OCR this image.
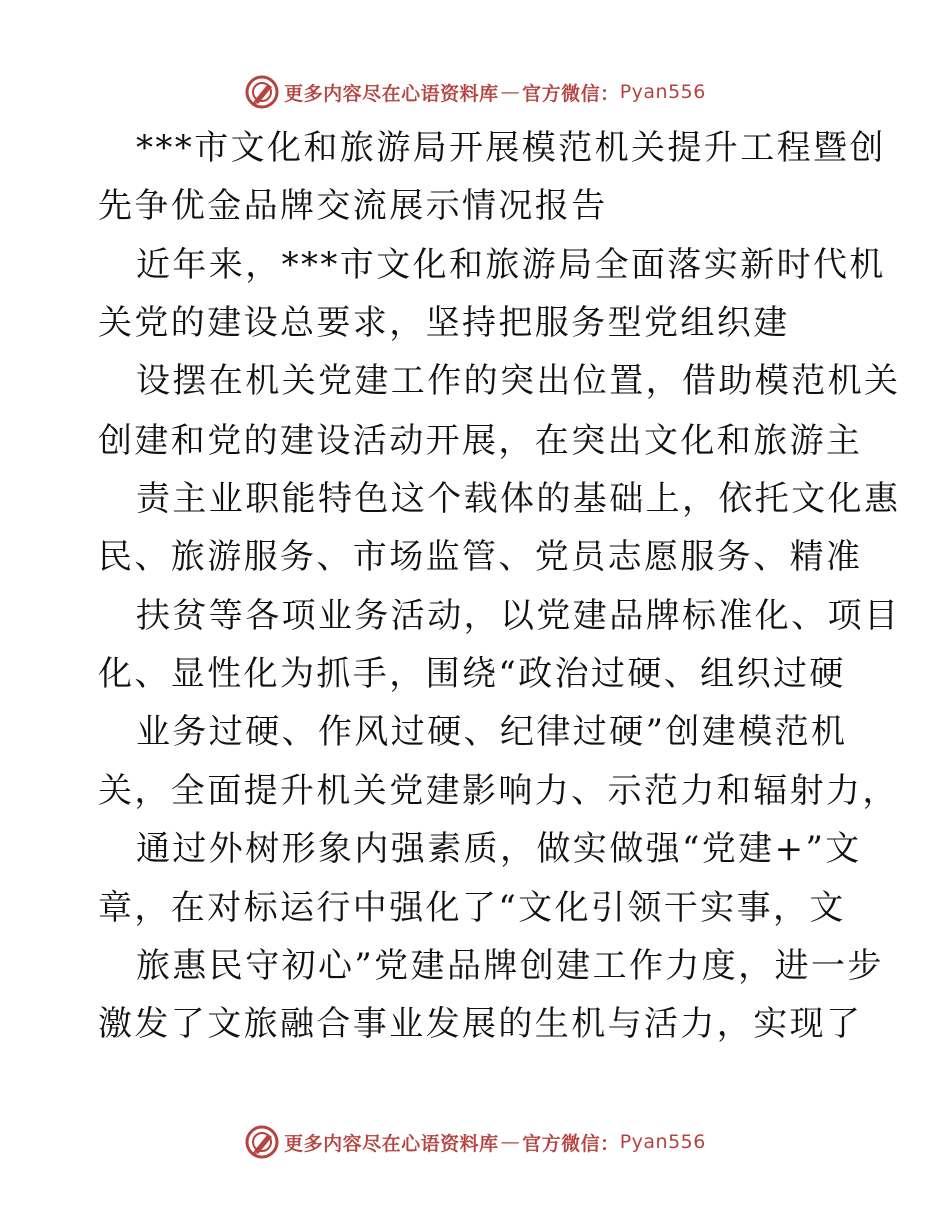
更多内容尽在心语资料库 — 官方微信： Pyan556
***市文化和旅游局开展模范机关提升工程暨创
先争优金品牌交流展示情况报告
近年来，***市文化和旅游局全面落实新时代机
关党的建设总要求，坚持把服务型党组织建
设摆在机关党建工作的突出位置，借助模范机关
创建和党的建设活动开展，在突出文化和旅游主
责主业职能特色这个载体的基础上，依托文化惠
民、旅游服务、市场监管、党员志愿服务、精准
扶贫等各项业务活动，以党建品牌标准化、项目
化、显性化为抓手，围绕“政治过硬、组织过硬
业务过硬、作风过硬、纪律过硬”创建模范机
关，全面提升机关党建影响力、示范力和辐射力，
通过外树形象内强素质，做实做强“党建+”文
章，在对标运行中强化了“文化引领干实事，文
旅惠民守初心”党建品牌创建工作力度，进一步
激发了文旅融合事业发展的生机与活力，实现了
更多内容尽在心语资料库 — 官方微信： Pyan556
